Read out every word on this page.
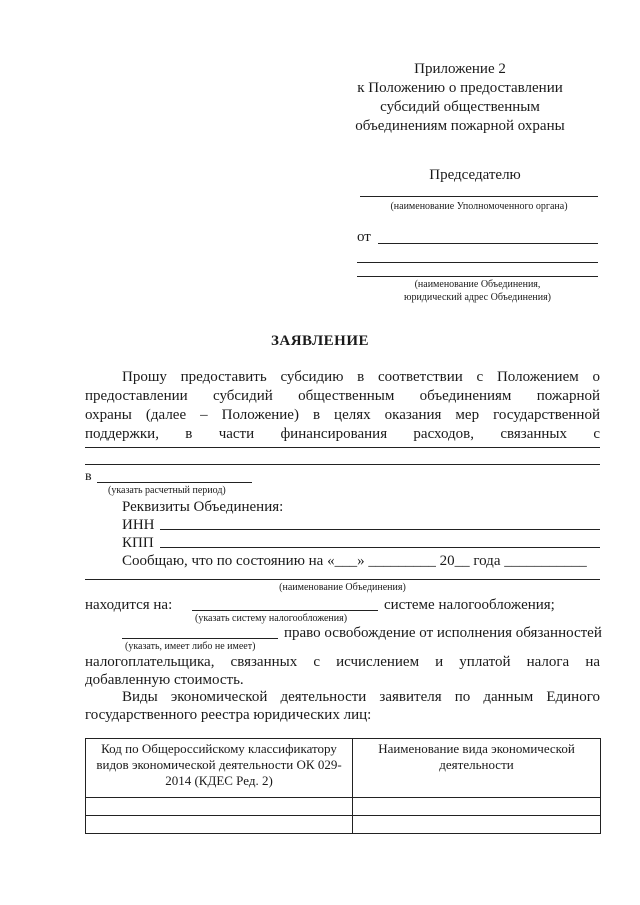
Приложение 2
к Положению о предоставлении
субсидий общественным
объединениям пожарной охраны
Председателю
(наименование Уполномоченного органа)
от
(наименование Объединения,
юридический адрес Объединения)
ЗАЯВЛЕНИЕ
Прошу предоставить субсидию в соответствии с Положением о
предоставлении субсидий общественным объединениям пожарной
охраны (далее – Положение) в целях оказания мер государственной
поддержки, в части финансирования расходов, связанных с
в
(указать расчетный период)
Реквизиты Объединения:
ИНН
КПП
Сообщаю, что по состоянию на «___» _________ 20__ года ___________
(наименование Объединения)
находится на:	системе налогообложения;
(указать систему налогообложения)
право освобождение от исполнения обязанностей
(указать, имеет либо не имеет)
налогоплательщика, связанных с исчислением и уплатой налога на
добавленную стоимость.
Виды экономической деятельности заявителя по данным Единого
государственного реестра юридических лиц:
Код по Общероссийскому классификатору видов экономической деятельности ОК 029-2014 (КДЕС Ред. 2)	Наименование вида экономической деятельности
